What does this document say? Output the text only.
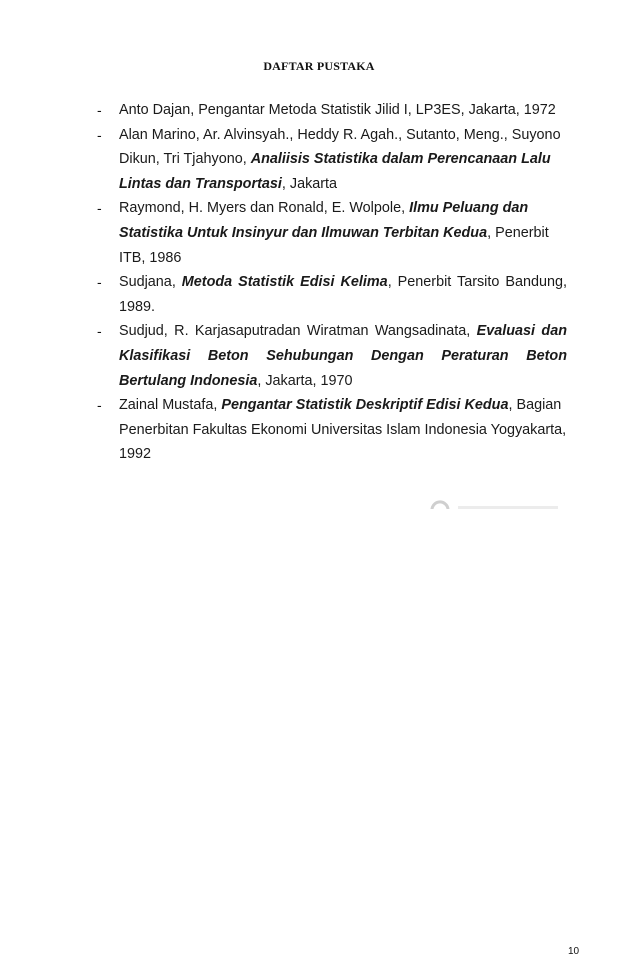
DAFTAR PUSTAKA
-	Anto Dajan, Pengantar Metoda Statistik Jilid I, LP3ES, Jakarta, 1972
-	Alan Marino, Ar. Alvinsyah., Heddy R. Agah., Sutanto, Meng., Suyono Dikun, Tri Tjahyono, Analiisis Statistika dalam Perencanaan Lalu Lintas dan Transportasi, Jakarta
-	Raymond, H. Myers dan Ronald, E. Wolpole, Ilmu Peluang dan Statistika Untuk Insinyur dan Ilmuwan Terbitan Kedua, Penerbit ITB, 1986
-	Sudjana, Metoda Statistik Edisi Kelima, Penerbit Tarsito Bandung, 1989.
-	Sudjud, R. Karjasaputradan Wiratman Wangsadinata, Evaluasi dan Klasifikasi Beton Sehubungan Dengan Peraturan Beton Bertulang Indonesia, Jakarta, 1970
-	Zainal Mustafa, Pengantar Statistik Deskriptif Edisi Kedua, Bagian Penerbitan Fakultas Ekonomi Universitas Islam Indonesia Yogyakarta, 1992
10
